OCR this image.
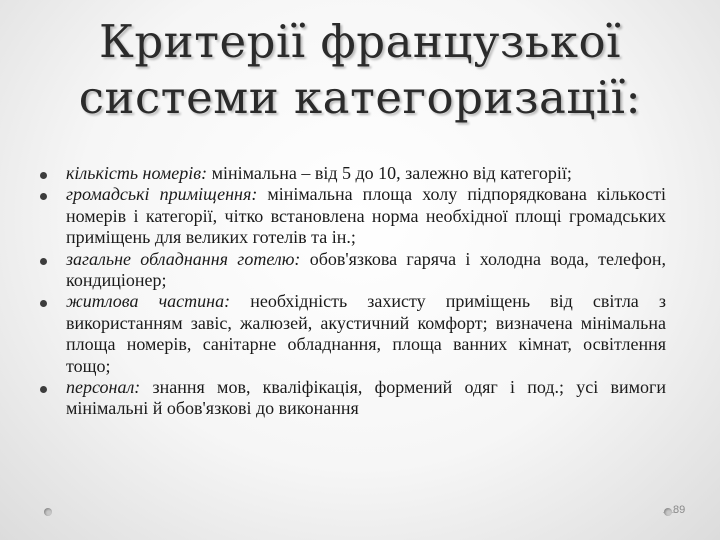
Критерії французької
системи категоризації:
кількість номерів: мінімальна – від 5 до 10, залежно від категорії;
громадські приміщення: мінімальна площа холу підпорядкована кількості номерів і категорії, чітко встановлена норма необхідної площі громадських приміщень для великих готелів та ін.;
загальне обладнання готелю: обов'язкова гаряча і холодна вода, телефон, кондиціонер;
житлова частина: необхідність захисту приміщень від світла з використанням завіс, жалюзей, акустичний комфорт; визначена мінімальна площа номерів, санітарне обладнання, площа ванних кімнат, освітлення тощо;
персонал: знання мов, кваліфікація, формений одяг і под.; усі вимоги мінімальні й обов'язкові до виконання
89
